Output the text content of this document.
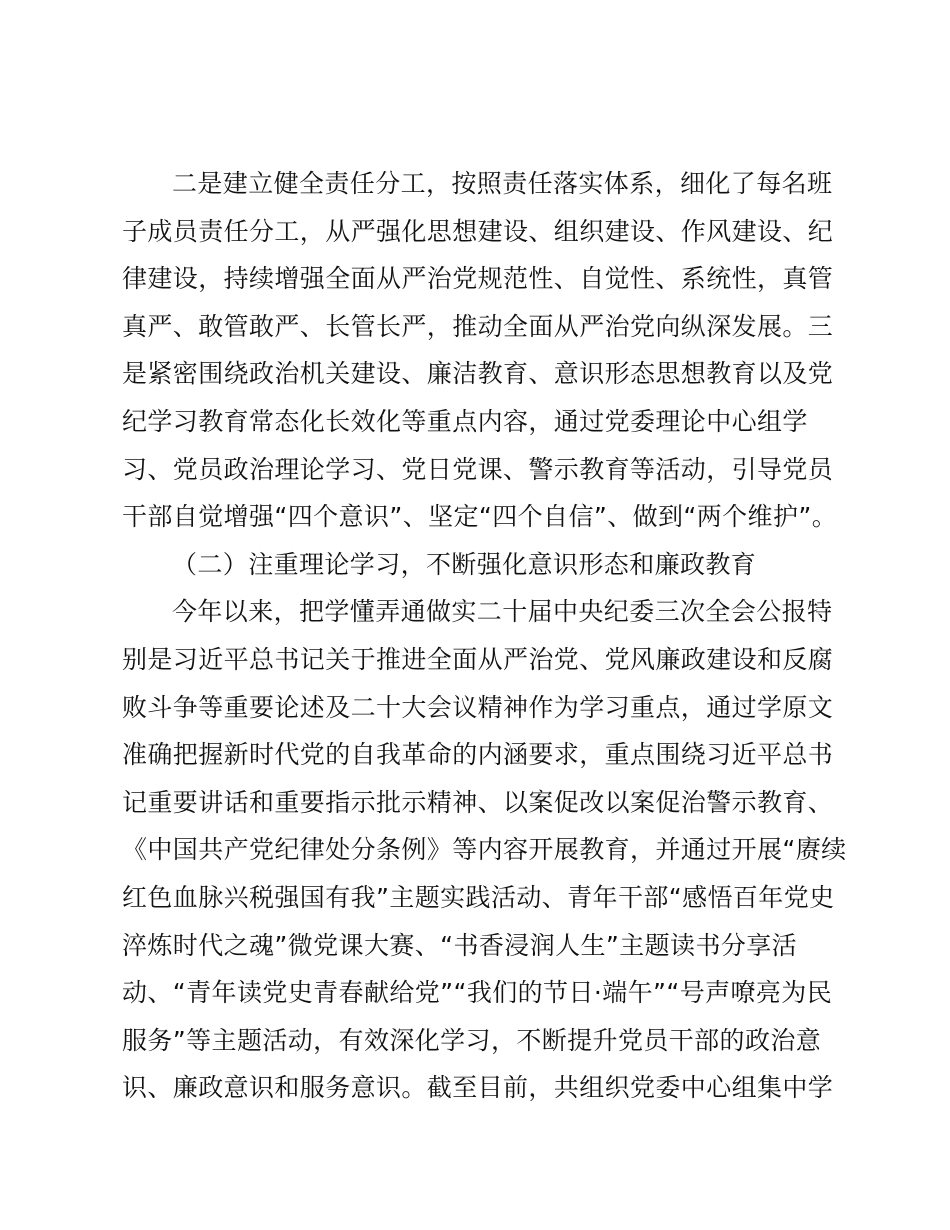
二是建立健全责任分工，按照责任落实体系，细化了每名班
子成员责任分工，从严强化思想建设、组织建设、作风建设、纪
律建设，持续增强全面从严治党规范性、自觉性、系统性，真管
真严、敢管敢严、长管长严，推动全面从严治党向纵深发展。三
是紧密围绕政治机关建设、廉洁教育、意识形态思想教育以及党
纪学习教育常态化长效化等重点内容，通过党委理论中心组学
习、党员政治理论学习、党日党课、警示教育等活动，引导党员
干部自觉增强“四个意识”、坚定“四个自信”、做到“两个维护”。
（二）注重理论学习，不断强化意识形态和廉政教育
今年以来，把学懂弄通做实二十届中央纪委三次全会公报特
别是习近平总书记关于推进全面从严治党、党风廉政建设和反腐
败斗争等重要论述及二十大会议精神作为学习重点，通过学原文
准确把握新时代党的自我革命的内涵要求，重点围绕习近平总书
记重要讲话和重要指示批示精神、以案促改以案促治警示教育、
《中国共产党纪律处分条例》等内容开展教育，并通过开展“赓续
红色血脉兴税强国有我”主题实践活动、青年干部“感悟百年党史
淬炼时代之魂”微党课大赛、“书香浸润人生”主题读书分享活
动、“青年读党史青春献给党”“我们的节日·端午”“号声嘹亮为民
服务”等主题活动，有效深化学习，不断提升党员干部的政治意
识、廉政意识和服务意识。截至目前，共组织党委中心组集中学
